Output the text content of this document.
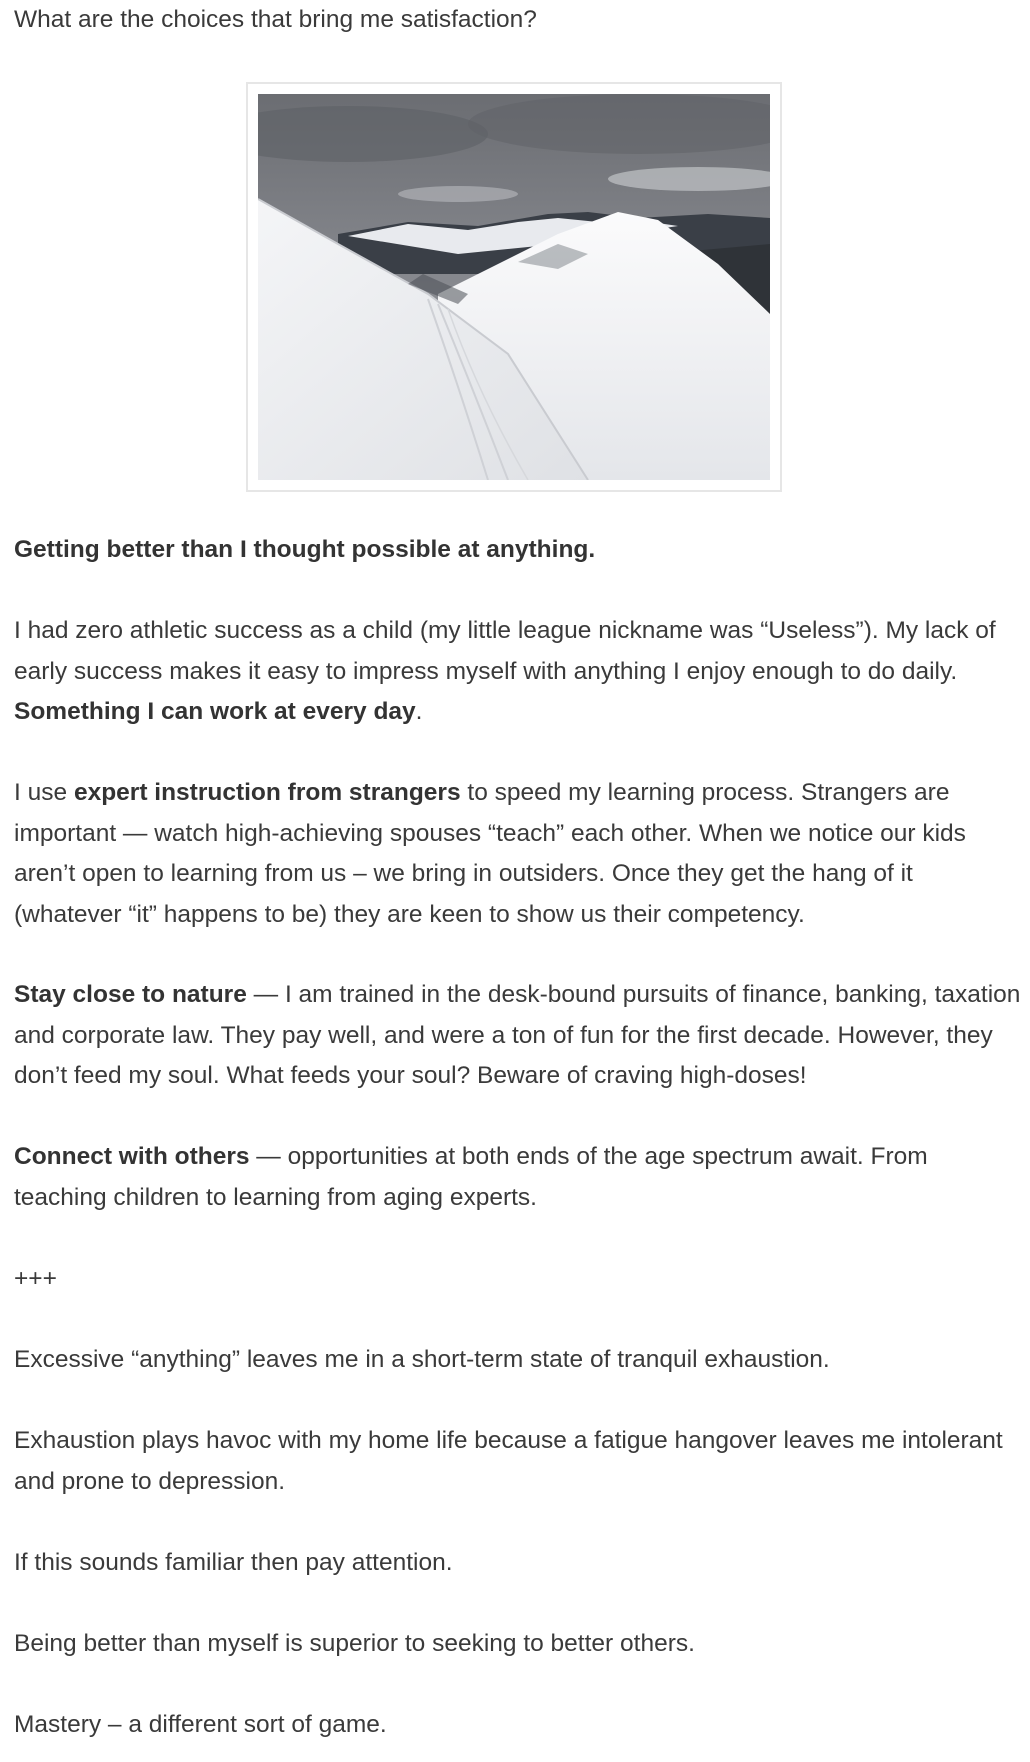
What are the choices that bring me satisfaction?

Getting better than I thought possible at anything.

I had zero athletic success as a child (my little league nickname was “Useless”). My lack of early success makes it easy to impress myself with anything I enjoy enough to do daily. Something I can work at every day.

I use expert instruction from strangers to speed my learning process. Strangers are important — watch high-achieving spouses “teach” each other. When we notice our kids aren’t open to learning from us – we bring in outsiders. Once they get the hang of it (whatever “it” happens to be) they are keen to show us their competency.

Stay close to nature — I am trained in the desk-bound pursuits of finance, banking, taxation and corporate law. They pay well, and were a ton of fun for the first decade. However, they don’t feed my soul. What feeds your soul? Beware of craving high-doses!

Connect with others — opportunities at both ends of the age spectrum await. From teaching children to learning from aging experts.

+++

Excessive “anything” leaves me in a short-term state of tranquil exhaustion.

Exhaustion plays havoc with my home life because a fatigue hangover leaves me intolerant and prone to depression.

If this sounds familiar then pay attention.

Being better than myself is superior to seeking to better others.

Mastery – a different sort of game.
